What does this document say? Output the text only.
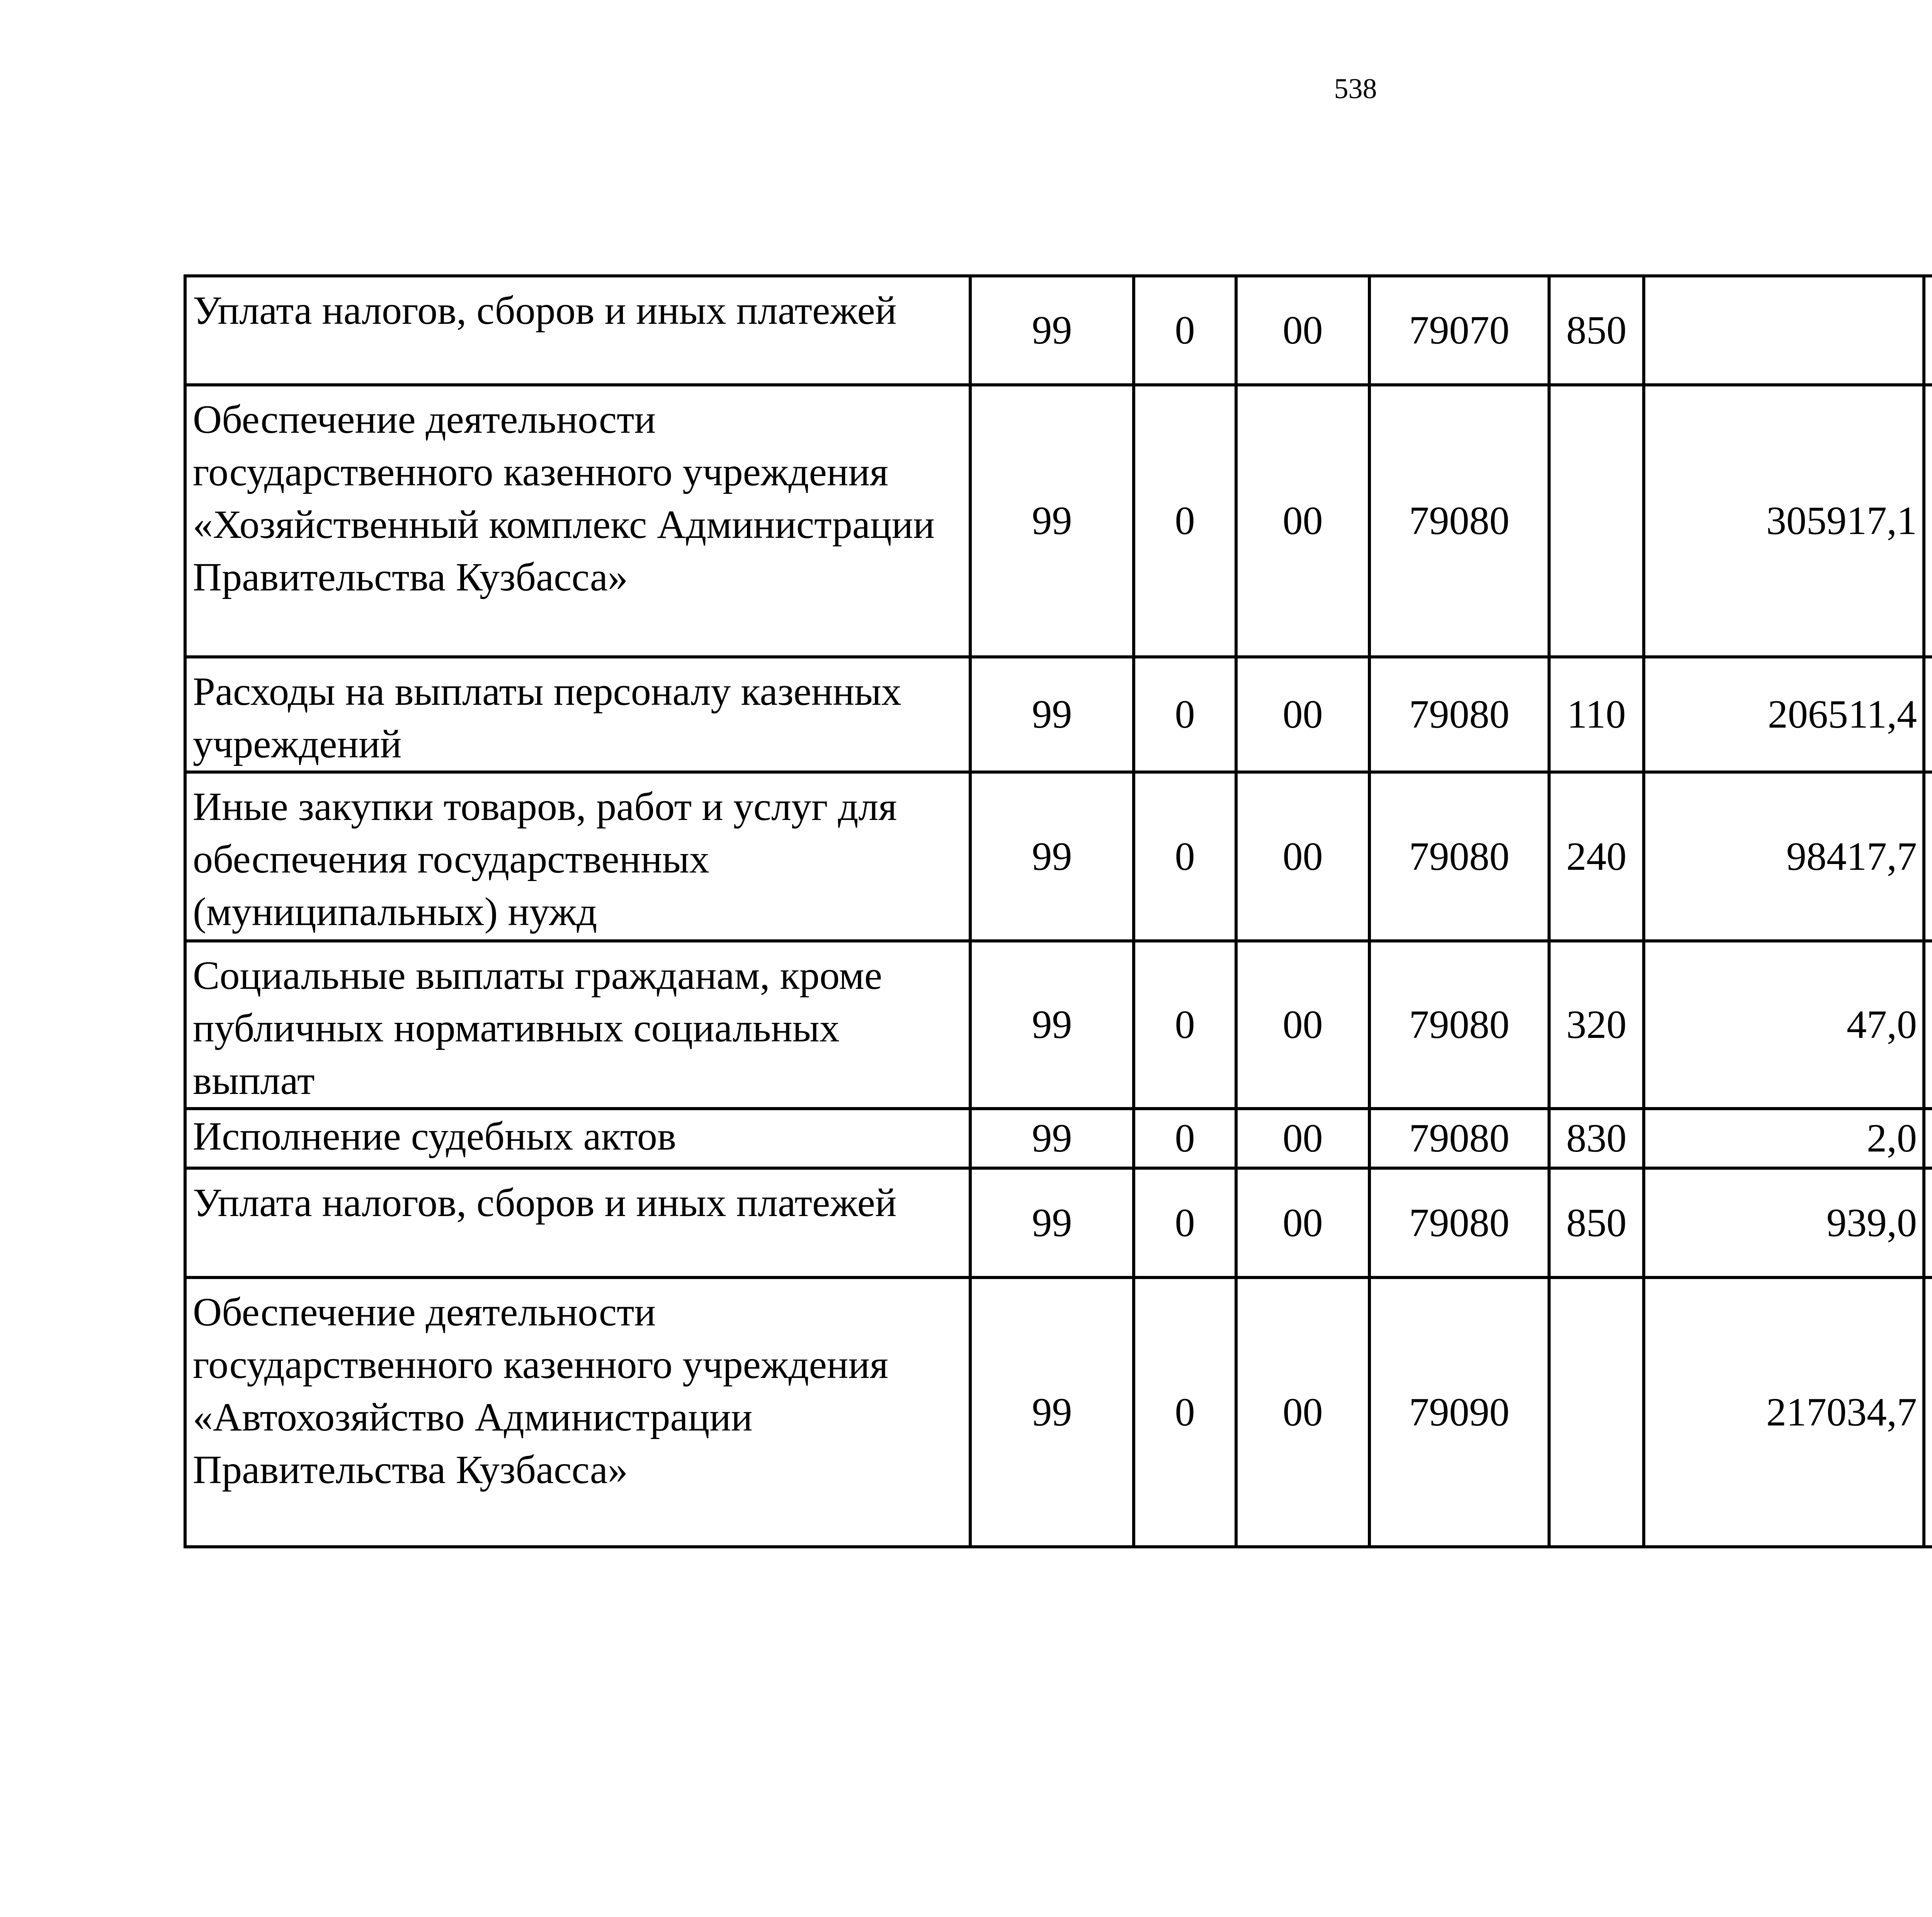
538
Уплата налогов, сборов и иных платежей	99	0	00	79070	850			
Обеспечение деятельности государственного казенного учреждения «Хозяйственный комплекс Администрации Правительства Кузбасса»	99	0	00	79080		305917,1		
Расходы на выплаты персоналу казенных учреждений	99	0	00	79080	110	206511,4		
Иные закупки товаров, работ и услуг для обеспечения государственных (муниципальных) нужд	99	0	00	79080	240	98417,7		
Социальные выплаты гражданам, кроме публичных нормативных социальных выплат	99	0	00	79080	320	47,0		
Исполнение судебных актов	99	0	00	79080	830	2,0		
Уплата налогов, сборов и иных платежей	99	0	00	79080	850	939,0		
Обеспечение деятельности государственного казенного учреждения «Автохозяйство Администрации Правительства Кузбасса»	99	0	00	79090		217034,7		
